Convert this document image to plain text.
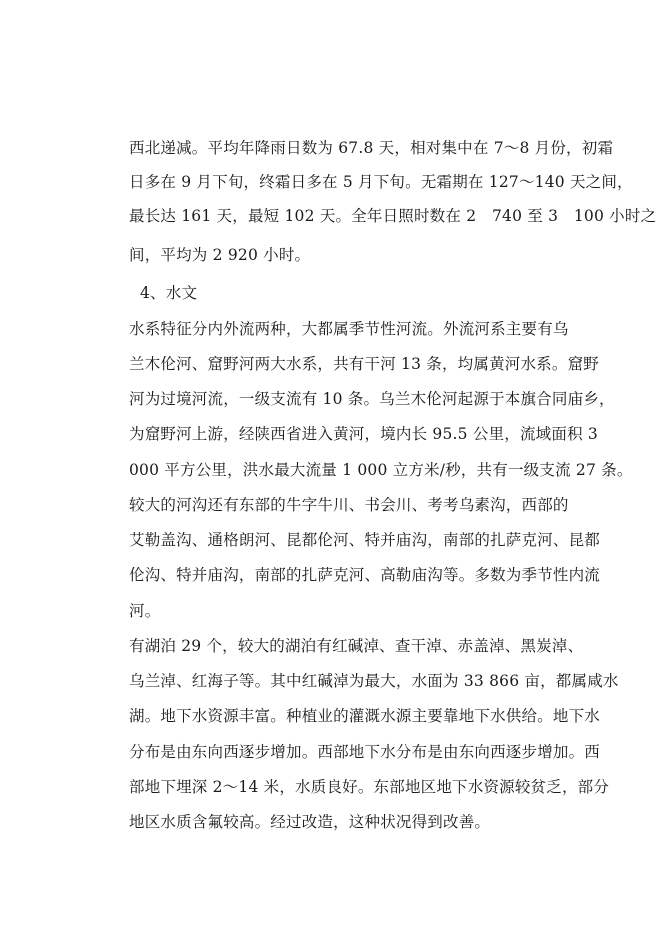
西北递减。平均年降雨日数为 67.8 天，相对集中在 7～8 月份，初霜
日多在 9 月下旬，终霜日多在 5 月下旬。无霜期在 127～140 天之间，
最长达 161 天，最短 102 天。全年日照时数在 2　740 至 3　100 小时之
间，平均为 2 920 小时。
4、水文
水系特征分内外流两种，大都属季节性河流。外流河系主要有乌
兰木伦河、窟野河两大水系，共有干河 13 条，均属黄河水系。窟野
河为过境河流，一级支流有 10 条。乌兰木伦河起源于本旗合同庙乡，
为窟野河上游，经陕西省进入黄河，境内长 95.5 公里，流域面积 3
000 平方公里，洪水最大流量 1 000 立方米/秒，共有一级支流 27 条。
较大的河沟还有东部的牛字牛川、书会川、考考乌素沟，西部的
艾勒盖沟、通格朗河、昆都伦河、特并庙沟，南部的扎萨克河、昆都
伦沟、特并庙沟，南部的扎萨克河、高勒庙沟等。多数为季节性内流
河。
有湖泊 29 个，较大的湖泊有红碱淖、查干淖、赤盖淖、黑炭淖、
乌兰淖、红海子等。其中红碱淖为最大，水面为 33 866 亩，都属咸水
湖。地下水资源丰富。种植业的灌溉水源主要靠地下水供给。地下水
分布是由东向西逐步增加。西部地下水分布是由东向西逐步增加。西
部地下埋深 2～14 米，水质良好。东部地区地下水资源较贫乏，部分
地区水质含氟较高。经过改造，这种状况得到改善。
